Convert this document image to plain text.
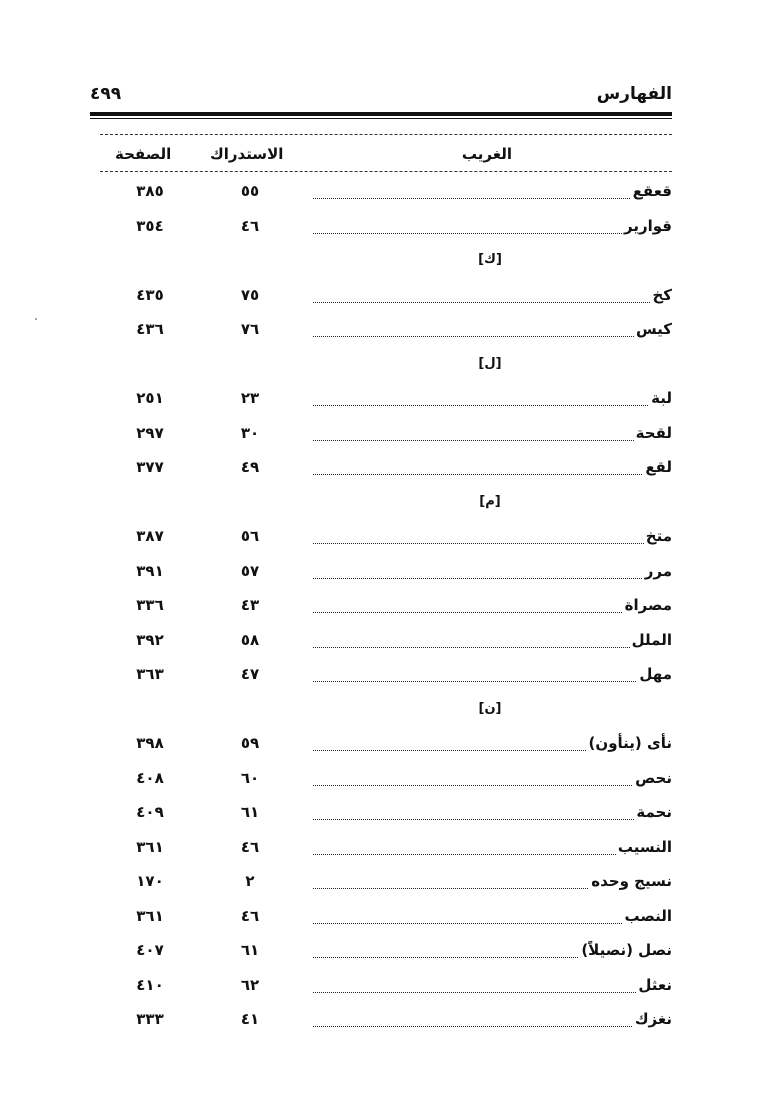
٤٩٩	الفهارس
الغريب
الاستدراك
الصفحة
قعقع
٥٥
٣٨٥
قوارير
٤٦
٣٥٤
[ك]
كخ
٧٥
٤٣٥
كيس
٧٦
٤٣٦
[ل]
لبة
٢٣
٢٥١
لقحة
٣٠
٢٩٧
لقع
٤٩
٣٧٧
[م]
متخ
٥٦
٣٨٧
مرر
٥٧
٣٩١
مصراة
٤٣
٣٣٦
الملل
٥٨
٣٩٢
مهل
٤٧
٣٦٣
[ن]
نأى (ينأون)
٥٩
٣٩٨
نحص
٦٠
٤٠٨
نحمة
٦١
٤٠٩
النسيب
٤٦
٣٦١
نسيج وحده
٢
١٧٠
النصب
٤٦
٣٦١
نصل (نصيلاً)
٦١
٤٠٧
نعثل
٦٢
٤١٠
نغزك
٤١
٣٣٣
